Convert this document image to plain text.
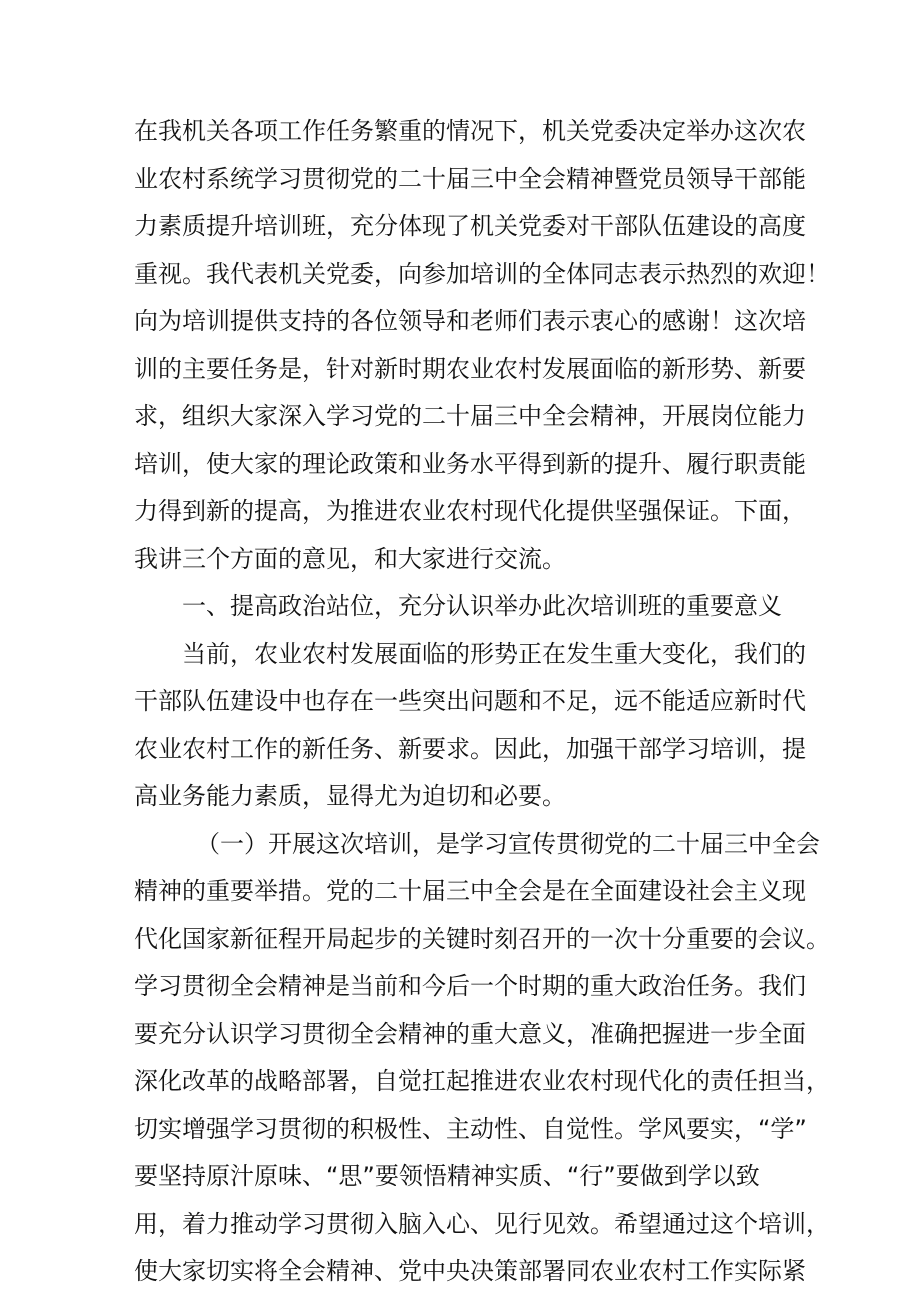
在我机关各项工作任务繁重的情况下，机关党委决定举办这次农
业农村系统学习贯彻党的二十届三中全会精神暨党员领导干部能
力素质提升培训班，充分体现了机关党委对干部队伍建设的高度
重视。我代表机关党委，向参加培训的全体同志表示热烈的欢迎！
向为培训提供支持的各位领导和老师们表示衷心的感谢！这次培
训的主要任务是，针对新时期农业农村发展面临的新形势、新要
求，组织大家深入学习党的二十届三中全会精神，开展岗位能力
培训，使大家的理论政策和业务水平得到新的提升、履行职责能
力得到新的提高，为推进农业农村现代化提供坚强保证。下面，
我讲三个方面的意见，和大家进行交流。
一、提高政治站位，充分认识举办此次培训班的重要意义
当前，农业农村发展面临的形势正在发生重大变化，我们的
干部队伍建设中也存在一些突出问题和不足，远不能适应新时代
农业农村工作的新任务、新要求。因此，加强干部学习培训，提
高业务能力素质，显得尤为迫切和必要。
（一）开展这次培训，是学习宣传贯彻党的二十届三中全会
精神的重要举措。党的二十届三中全会是在全面建设社会主义现
代化国家新征程开局起步的关键时刻召开的一次十分重要的会议。
学习贯彻全会精神是当前和今后一个时期的重大政治任务。我们
要充分认识学习贯彻全会精神的重大意义，准确把握进一步全面
深化改革的战略部署，自觉扛起推进农业农村现代化的责任担当，
切实增强学习贯彻的积极性、主动性、自觉性。学风要实，“学”
要坚持原汁原味、“思”要领悟精神实质、“行”要做到学以致
用，着力推动学习贯彻入脑入心、见行见效。希望通过这个培训，
使大家切实将全会精神、党中央决策部署同农业农村工作实际紧
